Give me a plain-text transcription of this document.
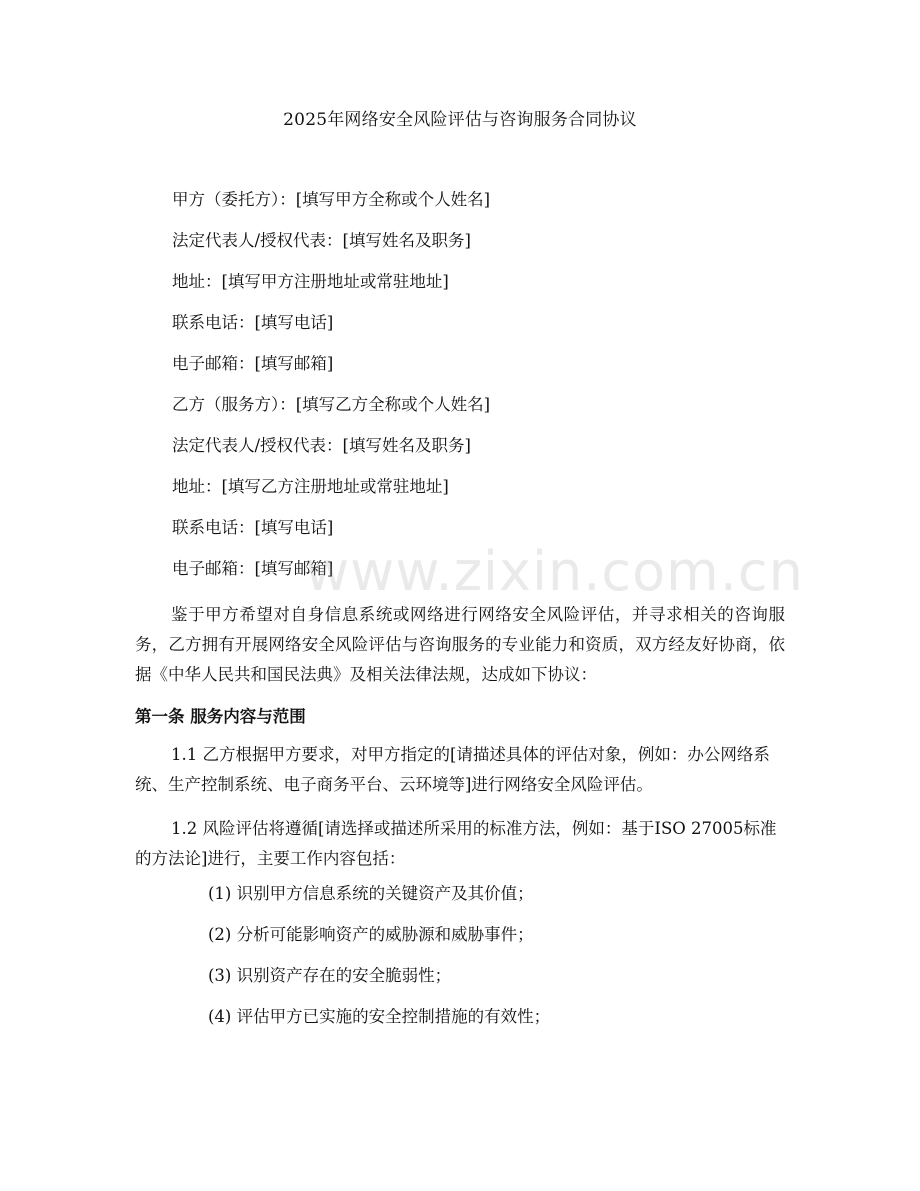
2025年网络安全风险评估与咨询服务合同协议
甲方（委托方）：[填写甲方全称或个人姓名]
法定代表人/授权代表：[填写姓名及职务]
地址：[填写甲方注册地址或常驻地址]
联系电话：[填写电话]
电子邮箱：[填写邮箱]
乙方（服务方）：[填写乙方全称或个人姓名]
法定代表人/授权代表：[填写姓名及职务]
地址：[填写乙方注册地址或常驻地址]
联系电话：[填写电话]
电子邮箱：[填写邮箱]

鉴于甲方希望对自身信息系统或网络进行网络安全风险评估，并寻求相关的咨询服务，乙方拥有开展网络安全风险评估与咨询服务的专业能力和资质，双方经友好协商，依据《中华人民共和国民法典》及相关法律法规，达成如下协议：

第一条 服务内容与范围

1.1 乙方根据甲方要求，对甲方指定的[请描述具体的评估对象，例如：办公网络系统、生产控制系统、电子商务平台、云环境等]进行网络安全风险评估。

1.2 风险评估将遵循[请选择或描述所采用的标准方法，例如：基于ISO 27005标准的方法论]进行，主要工作内容包括：

(1) 识别甲方信息系统的关键资产及其价值；
(2) 分析可能影响资产的威胁源和威胁事件；
(3) 识别资产存在的安全脆弱性；
(4) 评估甲方已实施的安全控制措施的有效性；
www.zixin.com.cn
